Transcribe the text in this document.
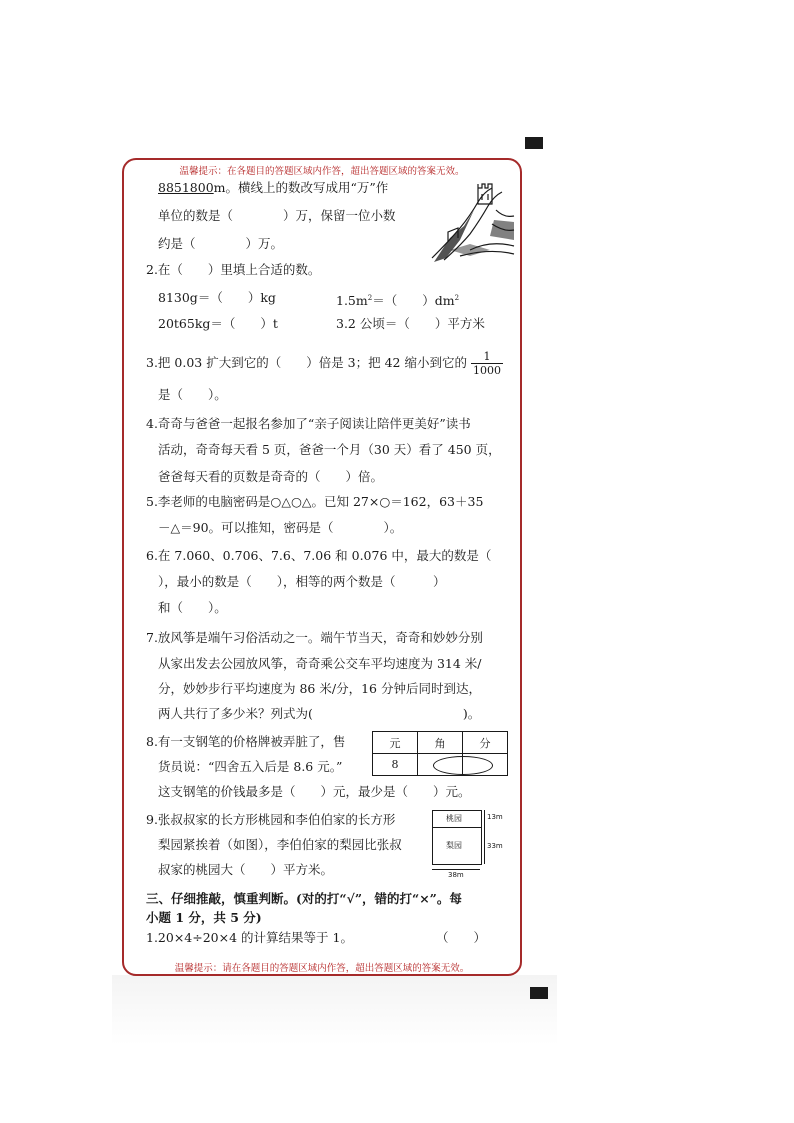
温馨提示：在各题目的答题区域内作答，超出答题区域的答案无效。
温馨提示：请在各题目的答题区域内作答，超出答题区域的答案无效。
8851800m。横线上的数改写成用“万”作
单位的数是（　　　　）万，保留一位小数
约是（　　　　）万。
2.在（　　）里填上合适的数。
8130g＝（　　）kg	$1.5m^2=$（　　）$dm^2$
20t65kg＝（　　）t	3.2 公顷＝（　　）平方米
3.把 0.03 扩大到它的（　　）倍是 3；把 42 缩小到它的 $\frac{1}{1000}$
是（　　）。
4.奇奇与爸爸一起报名参加了“亲子阅读让陪伴更美好”读书
活动，奇奇每天看 5 页，爸爸一个月（30 天）看了 450 页，
爸爸每天看的页数是奇奇的（　　）倍。
5.李老师的电脑密码是○△○△。已知 27×○＝162，63＋35
－△＝90。可以推知，密码是（　　　　）。
6.在 7.060、0.706、7.6、7.06 和 0.076 中，最大的数是（
），最小的数是（　　），相等的两个数是（　　　）
和（　　）。
7.放风筝是端午习俗活动之一。端午节当天，奇奇和妙妙分别
从家出发去公园放风筝，奇奇乘公交车平均速度为 314 米/
分，妙妙步行平均速度为 86 米/分，16 分钟后同时到达，
两人共行了多少米？列式为(　　　　　　　　　　　　)。
8.有一支钢笔的价格牌被弄脏了，售
货员说：“四舍五入后是 8.6 元。”
元	角	分
8		
这支钢笔的价钱最多是（　　）元，最少是（　　）元。
9.张叔叔家的长方形桃园和李伯伯家的长方形
梨园紧挨着（如图），李伯伯家的梨园比张叔
叔家的桃园大（　　）平方米。
桃园
梨园
13m
33m
38m
三、仔细推敲，慎重判断。(对的打“√”，错的打“×”。每
小题 1 分，共 5 分)
1.20×4÷20×4 的计算结果等于 1。	（　　）
